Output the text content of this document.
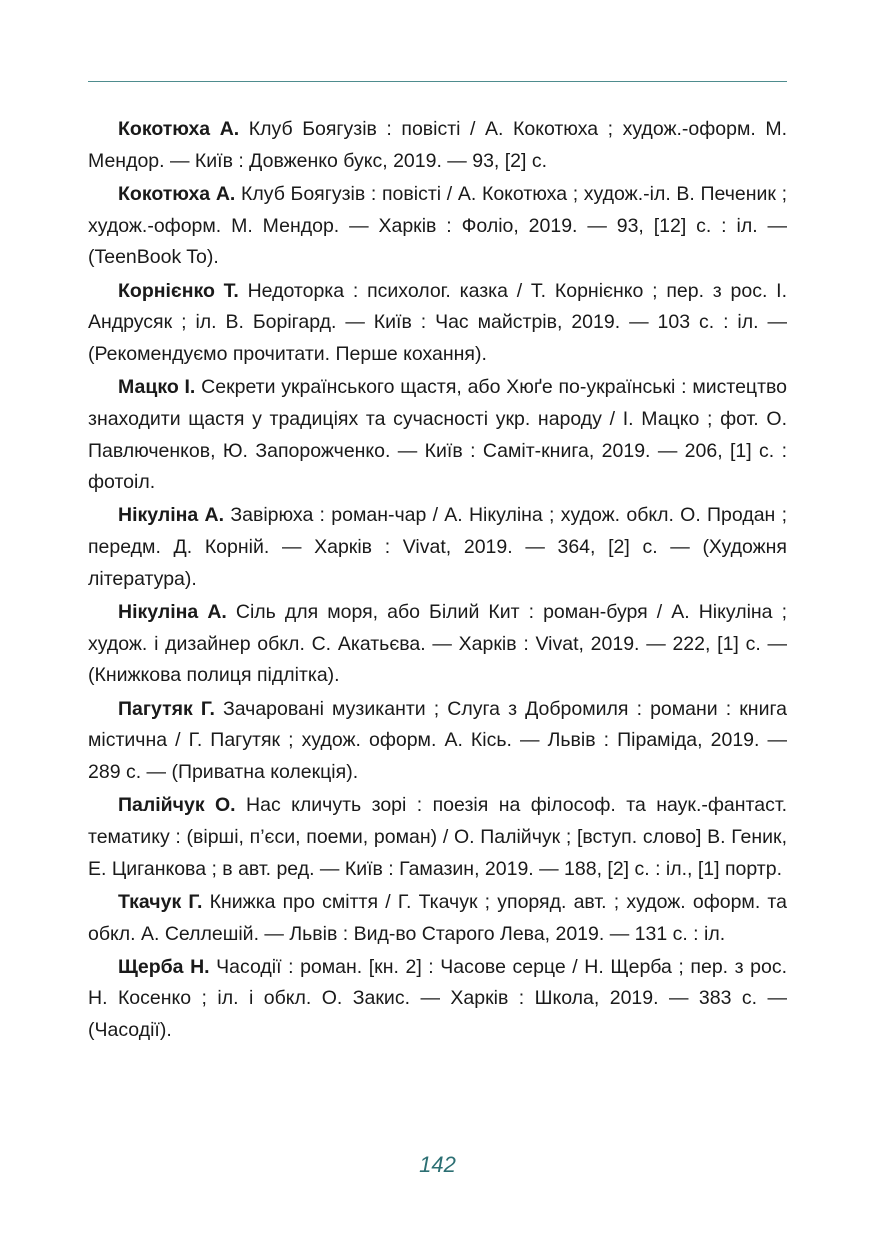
Кокотюха А. Клуб Боягузів : повісті / А. Кокотюха ; худож.-оформ. М. Мендор. — Київ : Довженко букс, 2019. — 93, [2] с.

Кокотюха А. Клуб Боягузів : повісті / А. Кокотюха ; худож.-іл. В. Печеник ; худож.-оформ. М. Мендор. — Харків : Фоліо, 2019. — 93, [12] с. : іл. — (TeenBook To).

Корнієнко Т. Недоторка : психолог. казка / Т. Корнієнко ; пер. з рос. І. Андрусяк ; іл. В. Борігард. — Київ : Час майстрів, 2019. — 103 с. : іл. —(Рекомендуємо прочитати. Перше кохання).

Мацко І. Секрети українського щастя, або Хюґе по-українські : мистецтво знаходити щастя у традиціях та сучасності укр. народу / І. Мацко ; фот. О. Павлюченков, Ю. Запорожченко. — Київ : Саміт-книга, 2019. — 206, [1] с. : фотоіл.

Нікуліна А. Завірюха : роман-чар / А. Нікуліна ; худож. обкл. О. Продан ; передм. Д. Корній. — Харків : Vivat, 2019. — 364, [2] с. — (Художня література).

Нікуліна А. Сіль для моря, або Білий Кит : роман-буря / А. Нікуліна ; худож. і дизайнер обкл. С. Акатьєва. — Харків : Vivat, 2019. — 222, [1] с. — (Книжкова полиця підлітка).

Пагутяк Г. Зачаровані музиканти ; Слуга з Добромиля : романи : книга містична / Г. Пагутяк ; худож. оформ. А. Кісь. — Львів : Піраміда, 2019. — 289 с. — (Приватна колекція).

Палійчук О. Нас кличуть зорі : поезія на філософ. та наук.-фантаст. тематику : (вірші, п’єси, поеми, роман) / О. Палійчук ; [вступ. слово] В. Геник, Е. Циганкова ; в авт. ред. — Київ : Гамазин, 2019. — 188, [2] с. : іл., [1] портр.

Ткачук Г. Книжка про сміття / Г. Ткачук ; упоряд. авт. ; худож. оформ. та обкл. А. Селлешій. — Львів : Вид-во Старого Лева, 2019. — 131 с. : іл.

Щерба Н. Часодії : роман. [кн. 2] : Часове серце / Н. Щерба ; пер. з рос. Н. Косенко ; іл. і обкл. О. Закис. — Харків : Школа, 2019. — 383 с. — (Часодії).

142
